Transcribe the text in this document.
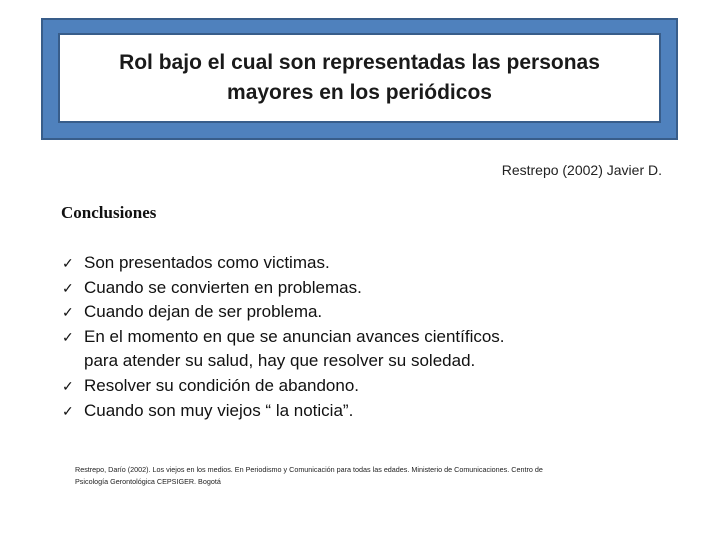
Rol bajo el cual son representadas las personas
mayores en los periódicos
Restrepo (2002) Javier D.
Conclusiones
✓ Son presentados como victimas.
✓ Cuando se convierten en problemas.
✓ Cuando dejan de ser problema.
✓ En el momento en que se anuncian avances científicos.
para atender su salud, hay que resolver su soledad.
✓ Resolver su condición de abandono.
✓ Cuando son muy viejos “ la noticia”.
Restrepo, Darío (2002). Los viejos en los medios. En Periodismo y Comunicación para todas las edades. Ministerio de Comunicaciones. Centro de
Psicología Gerontológica CEPSIGER. Bogotá
